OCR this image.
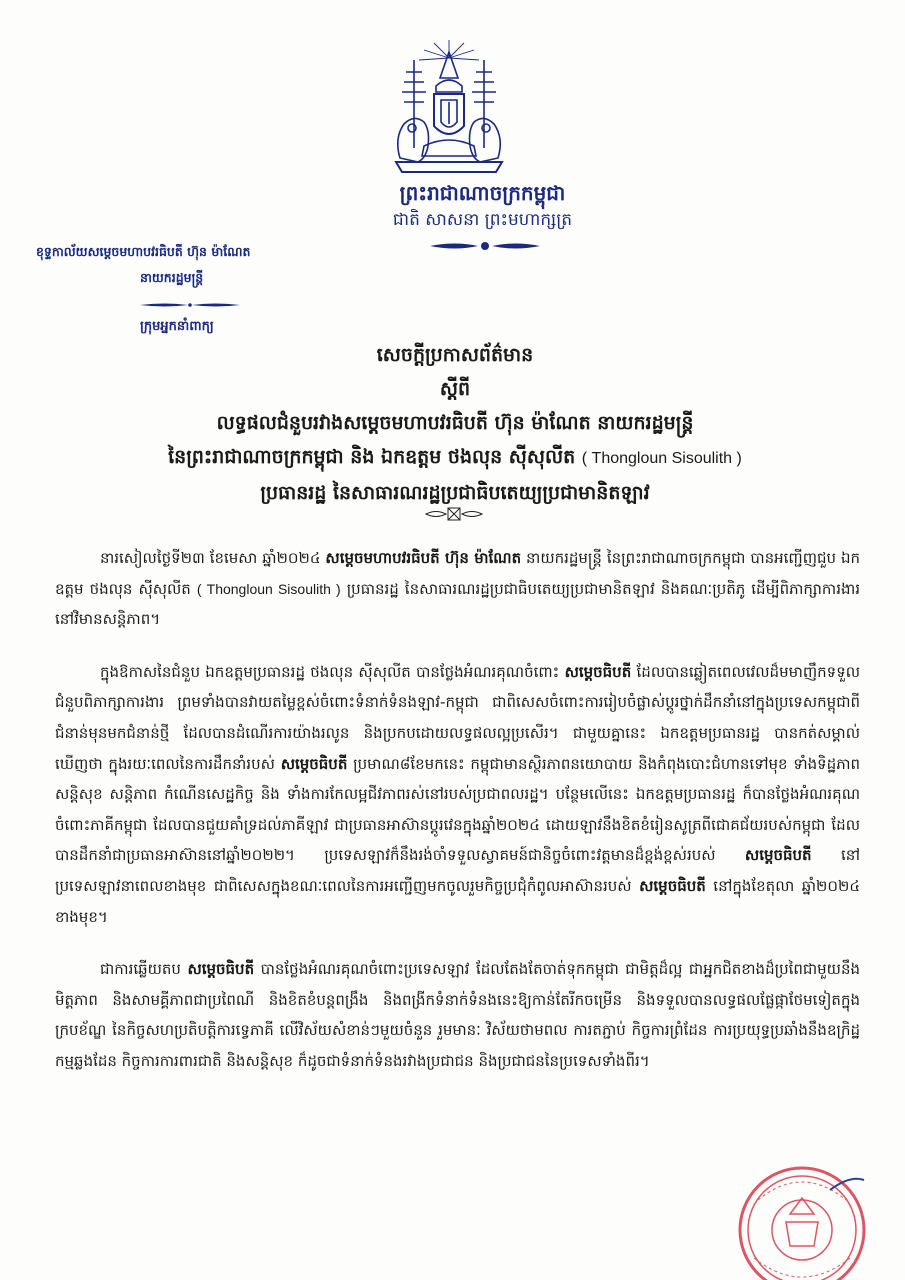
ព្រះរាជាណាចក្រកម្ពុជា
ជាតិ សាសនា ព្រះមហាក្សត្រ
ខុទ្ទកាល័យសម្តេចមហាបវរធិបតី ហ៊ុន ម៉ាណែត
នាយករដ្ឋមន្ត្រី
ក្រុមអ្នកនាំពាក្យ
សេចក្តីប្រកាសព័ត៌មាន
ស្តីពី
លទ្ធផលជំនួបរវាងសម្តេចមហាបវរធិបតី ហ៊ុន ម៉ាណែត នាយករដ្ឋមន្ត្រី
នៃព្រះរាជាណាចក្រកម្ពុជា និង ឯកឧត្តម ថងលុន ស៊ីសុលីត ( Thongloun Sisoulith )
ប្រធានរដ្ឋ នៃសាធារណរដ្ឋប្រជាធិបតេយ្យប្រជាមានិតឡាវ

នារសៀលថ្ងៃទី២៣ ខែមេសា ឆ្នាំ២០២៤ សម្តេចមហាបវរធិបតី ហ៊ុន ម៉ាណែត នាយករដ្ឋមន្ត្រី នៃព្រះរាជាណាចក្រកម្ពុជា បានអញ្ជើញជួប ឯកឧត្តម ថងលុន ស៊ីសុលីត ( Thongloun Sisoulith ) ប្រធានរដ្ឋ នៃសាធារណរដ្ឋប្រជាធិបតេយ្យប្រជាមានិតឡាវ និងគណៈប្រតិភូ ដើម្បីពិភាក្សាការងារនៅវិមានសន្តិភាព។

ក្នុងឱកាសនៃជំនួប ឯកឧត្តមប្រធានរដ្ឋ ថងលុន ស៊ីសុលីត បានថ្លែងអំណរគុណចំពោះ សម្តេចធិបតី ដែលបានឆ្លៀតពេលវេលដ៏មមាញឹកទទួលជំនួបពិភាក្សាការងារ ព្រមទាំងបានវាយតម្លៃខ្ពស់ចំពោះទំនាក់ទំនងឡាវ-កម្ពុជា ជាពិសេសចំពោះការរៀបចំផ្លាស់ប្តូរថ្នាក់ដឹកនាំនៅក្នុងប្រទេសកម្ពុជាពីជំនាន់មុនមកជំនាន់ថ្មី ដែលបានដំណើរការយ៉ាងរលូន និងប្រកបដោយលទ្ធផលល្អប្រសើរ។ ជាមួយគ្នានេះ ឯកឧត្តមប្រធានរដ្ឋ បានកត់សម្គាល់ឃើញថា ក្នុងរយៈពេលនៃការដឹកនាំរបស់ សម្តេចធិបតី ប្រមាណ៨ខែមកនេះ កម្ពុជាមានស្ថិរភាពនយោបាយ និងកំពុងបោះជំហានទៅមុខ ទាំងទិដ្ឋភាពសន្តិសុខ សន្តិភាព កំណើនសេដ្ឋកិច្ច និង ទាំងការកែលម្អជីវភាពរស់នៅរបស់ប្រជាពលរដ្ឋ។ បន្ថែមលើនេះ ឯកឧត្តមប្រធានរដ្ឋ ក៏បានថ្លែងអំណរគុណចំពោះភាគីកម្ពុជា ដែលបានជួយគាំទ្រដល់ភាគីឡាវ ជាប្រធានអាស៊ានប្តូរវេនក្នុងឆ្នាំ២០២៤ ដោយឡាវនឹងខិតខំរៀនសូត្រពីជោគជ័យរបស់កម្ពុជា ដែលបានដឹកនាំជាប្រធានអាស៊ាននៅឆ្នាំ២០២២។ ប្រទេសឡាវក៏នឹងរង់ចាំទទួលស្វាគមន៍ជានិច្ចចំពោះវត្តមានដ៏ខ្ពង់ខ្ពស់របស់ សម្តេចធិបតី នៅប្រទេសឡាវនាពេលខាងមុខ ជាពិសេសក្នុងខណៈពេលនៃការអញ្ជើញមកចូលរួមកិច្ចប្រជុំកំពូលអាស៊ានរបស់ សម្តេចធិបតី នៅក្នុងខែតុលា ឆ្នាំ២០២៤ ខាងមុខ។

ជាការឆ្លើយតប សម្តេចធិបតី បានថ្លែងអំណរគុណចំពោះប្រទេសឡាវ ដែលតែងតែចាត់ទុកកម្ពុជា ជាមិត្តដ៏ល្អ ជាអ្នកជិតខាងដ៏ប្រពៃជាមួយនឹងមិត្តភាព និងសាមគ្គីភាពជាប្រពៃណី និងខិតខំបន្តពង្រឹង និងពង្រីកទំនាក់ទំនងនេះឱ្យកាន់តែរីកចម្រើន និងទទួលបានលទ្ធផលផ្លែផ្កាថែមទៀតក្នុងក្របខ័ណ្ឌ នៃកិច្ចសហប្រតិបត្តិការទ្វេភាគី លើវិស័យសំខាន់ៗមួយចំនួន រួមមានៈ វិស័យថាមពល ការតភ្ជាប់ កិច្ចការព្រំដែន ការប្រយុទ្ធប្រឆាំងនឹងឧក្រិដ្ឋកម្មឆ្លងដែន កិច្ចការការពារជាតិ និងសន្តិសុខ ក៏ដូចជាទំនាក់ទំនងរវាងប្រជាជន និងប្រជាជននៃប្រទេសទាំងពីរ។
